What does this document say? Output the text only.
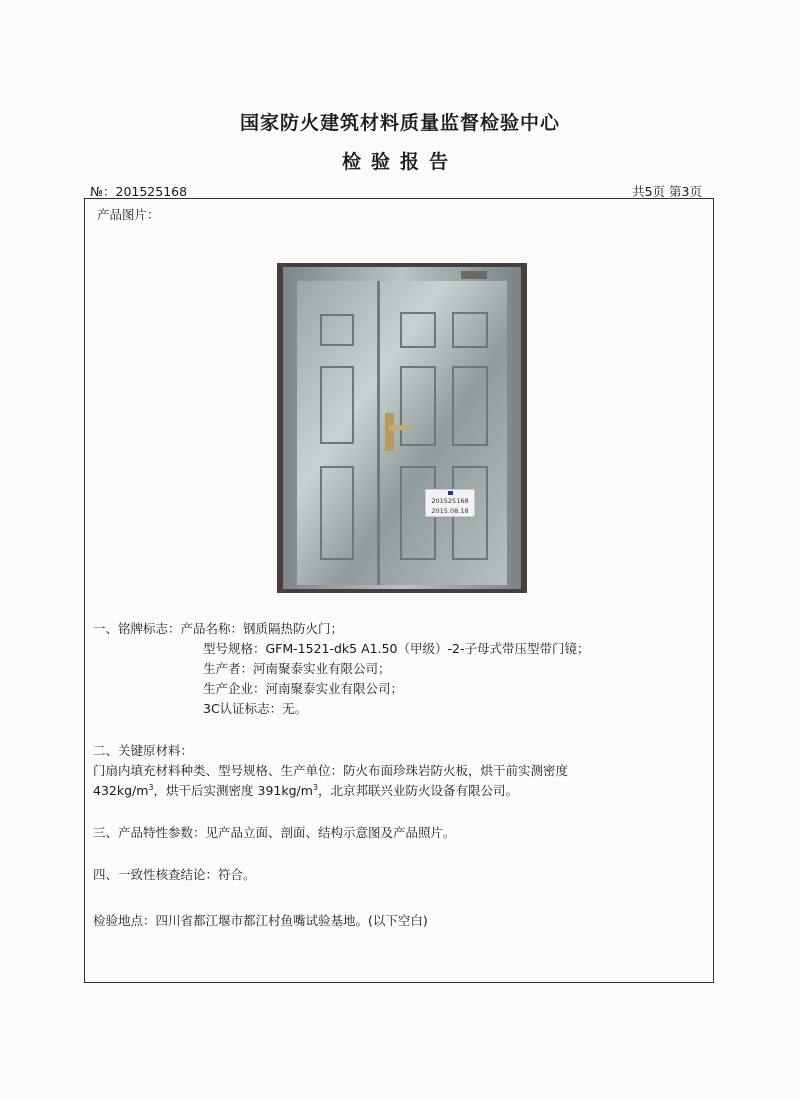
国家防火建筑材料质量监督检验中心
检验报告
№：201525168	共5页 第3页
产品图片：
201525168
2015.08.18
一、铭牌标志：产品名称：钢质隔热防火门；
型号规格：GFM-1521-dk5 A1.50（甲级）-2-子母式带压型带门镜；
生产者：河南聚泰实业有限公司；
生产企业：河南聚泰实业有限公司；
3C认证标志：无。
二、关键原材料：
门扇内填充材料种类、型号规格、生产单位：防火布面珍珠岩防火板，烘干前实测密度
$432kg/m^3$，烘干后实测密度 $391kg/m^3$，北京邦联兴业防火设备有限公司。
三、产品特性参数：见产品立面、剖面、结构示意图及产品照片。
四、一致性核查结论：符合。
检验地点：四川省都江堰市都江村鱼嘴试验基地。(以下空白)
